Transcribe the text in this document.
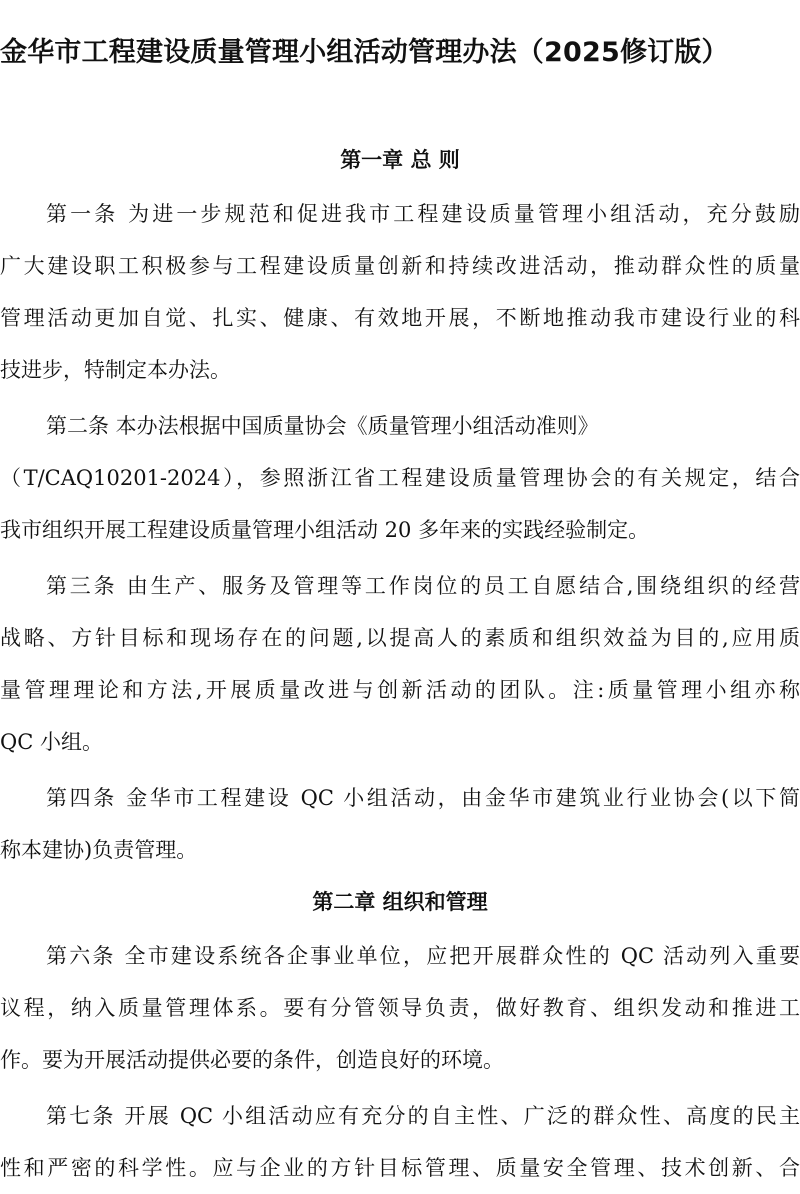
金华市工程建设质量管理小组活动管理办法（2025修订版）
第一章 总 则
第一条 为进一步规范和促进我市工程建设质量管理小组活动，充分鼓励
广大建设职工积极参与工程建设质量创新和持续改进活动，推动群众性的质量
管理活动更加自觉、扎实、健康、有效地开展，不断地推动我市建设行业的科
技进步，特制定本办法。
第二条 本办法根据中国质量协会《质量管理小组活动准则》
（T/CAQ10201-2024），参照浙江省工程建设质量管理协会的有关规定，结合
我市组织开展工程建设质量管理小组活动 20 多年来的实践经验制定。
第三条 由生产、服务及管理等工作岗位的员工自愿结合,围绕组织的经营
战略、方针目标和现场存在的问题,以提高人的素质和组织效益为目的,应用质
量管理理论和方法,开展质量改进与创新活动的团队。注:质量管理小组亦称
QC 小组。
第四条 金华市工程建设 QC 小组活动，由金华市建筑业行业协会(以下简
称本建协)负责管理。
第二章 组织和管理
第六条 全市建设系统各企事业单位，应把开展群众性的 QC 活动列入重要
议程，纳入质量管理体系。要有分管领导负责，做好教育、组织发动和推进工
作。要为开展活动提供必要的条件，创造良好的环境。
第七条 开展 QC 小组活动应有充分的自主性、广泛的群众性、高度的民主
性和严密的科学性。应与企业的方针目标管理、质量安全管理、技术创新、合
